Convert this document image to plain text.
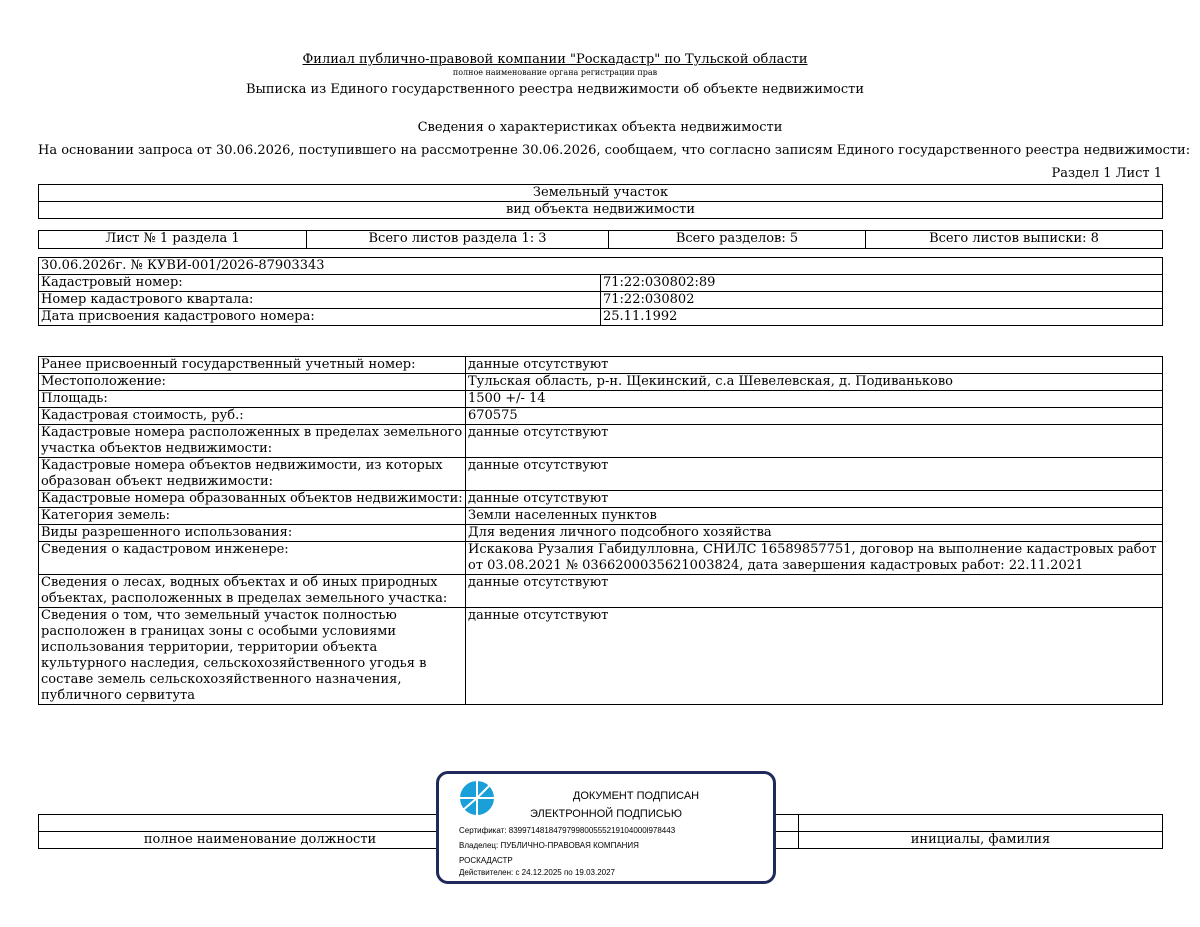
Филиал публично-правовой компании "Роскадастр" по Тульской области
полное наименование органа регистрации прав
Выписка из Единого государственного реестра недвижимости об объекте недвижимости
Сведения о характеристиках объекта недвижимости
На основании запроса от 30.06.2026, поступившего на рассмотренне 30.06.2026, сообщаем, что согласно записям Единого государственного реестра недвижимости:
Раздел 1 Лист 1
Земельный участок
вид объекта недвижимости
Лист № 1 раздела 1	Всего листов раздела 1: 3	Всего разделов: 5	Всего листов выписки: 8
30.06.2026г. № КУВИ-001/2026-87903343	
Кадастровый номер:	71:22:030802:89
Номер кадастрового квартала:	71:22:030802
Дата присвоения кадастрового номера:	25.11.1992
Ранее присвоенный государственный учетный номер:	данные отсутствуют
Местоположение:	Тульская область, р-н. Щекинский, с.а Шевелевская, д. Подиваньково
Площадь:	1500 +/- 14
Кадастровая стоимость, руб.:	670575
Кадастровые номера расположенных в пределах земельного участка объектов недвижимости:	данные отсутствуют
Кадастровые номера объектов недвижимости, из которых образован объект недвижимости:	данные отсутствуют
Кадастровые номера образованных объектов недвижимости:	данные отсутствуют
Категория земель:	Земли населенных пунктов
Виды разрешенного использования:	Для ведения личного подсобного хозяйства
Сведения о кадастровом инженере:	Искакова Рузалия Габидулловна, СНИЛС 16589857751, договор на выполнение кадастровых работ от 03.08.2021 № 0366200035621003824, дата завершения кадастровых работ: 22.11.2021
Сведения о лесах, водных объектах и об иных природных объектах, расположенных в пределах земельного участка:	данные отсутствуют
Сведения о том, что земельный участок полностью расположен в границах зоны с особыми условиями использования территории, территории объекта культурного наследия, сельскохозяйственного угодья в составе земель сельскохозяйственного назначения, публичного сервитута	данные отсутствуют

полное наименование должности		инициалы, фамилия
ДОКУМЕНТ ПОДПИСАН
ЭЛЕКТРОННОЙ ПОДПИСЬЮ
Сертификат: 8399714818479799800555219104000l978443
Владелец: ПУБЛИЧНО-ПРАВОВАЯ КОМПАНИЯ
РОСКАДАСТР
Действителен: с 24.12.2025 по 19.03.2027
